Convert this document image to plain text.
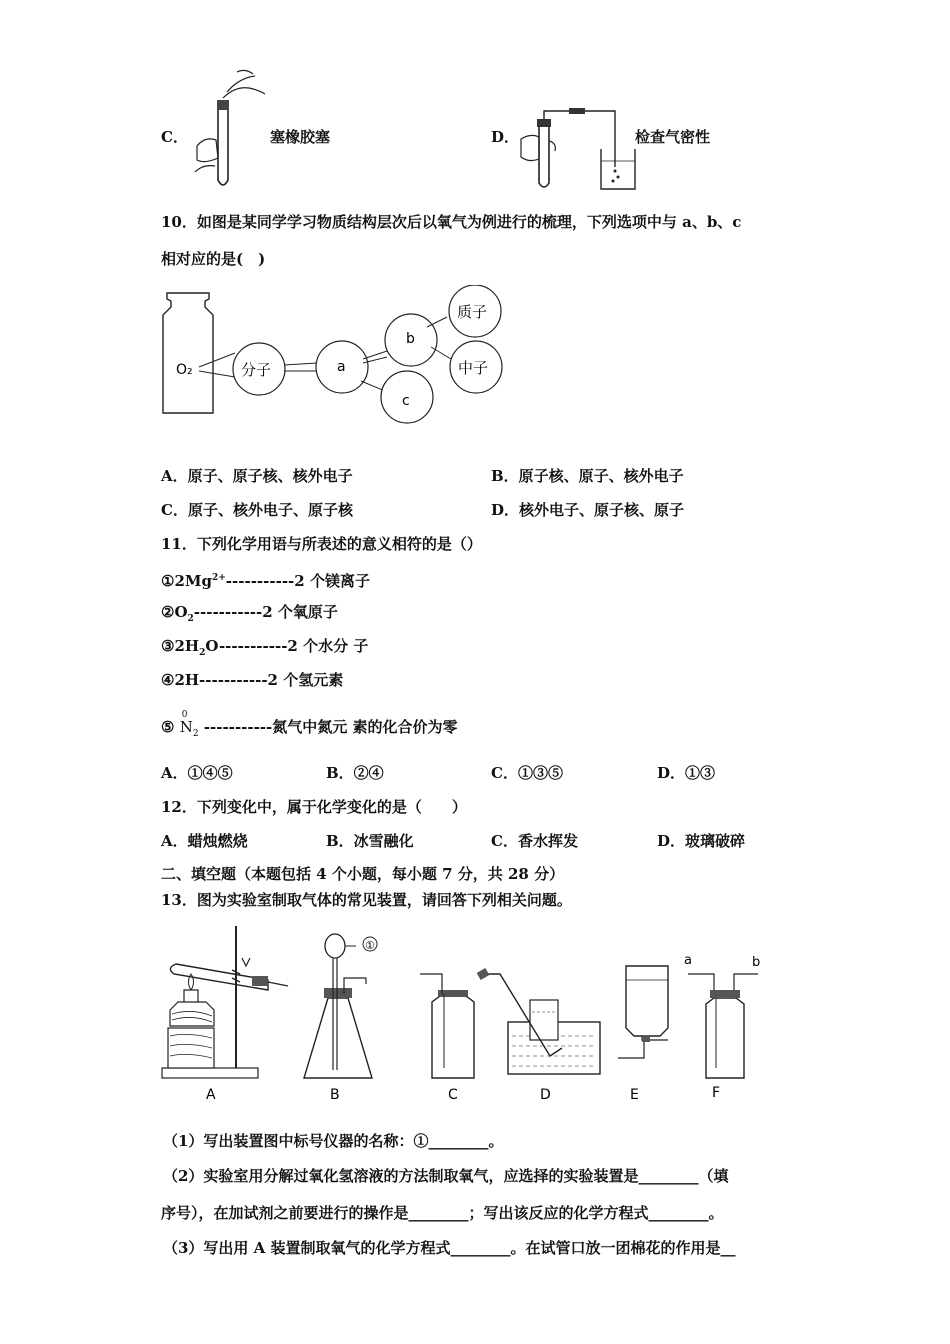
C．	塞橡胶塞	D．	检查气密性
10．如图是某同学学习物质结构层次后以氧气为例进行的梳理，下列选项中与 a、b、c
相对应的是(　)
O₂	分子	a
b
c
质子
中子
A．原子、原子核、核外电子	B．原子核、原子、核外电子
C．原子、核外电子、原子核	D．核外电子、原子核、原子
11．下列化学用语与所表述的意义相符的是（）
$①2Mg^{2+}-----------2$ 个镁离子
$②O_2-----------2$ 个氧原子
$③2H_2O-----------2$ 个水分 子
④2H-----------2 个氢元素
⑤
0
$N_2$ -----------氮气中氮元 素的化合价为零
A．①④⑤	B．②④	C．①③⑤	D．①③
12．下列变化中，属于化学变化的是（　　）
A．蜡烛燃烧	B．冰雪融化	C．香水挥发	D．玻璃破碎
二、填空题（本题包括 4 个小题，每小题 7 分，共 28 分）
13．图为实验室制取气体的常见装置，请回答下列相关问题。
①
a	b
A	B	C	D	E	F
（1）写出装置图中标号仪器的名称：①________。
（2）实验室用分解过氧化氢溶液的方法制取氧气，应选择的实验装置是________（填
序号），在加试剂之前要进行的操作是________；写出该反应的化学方程式________。
（3）写出用 A 装置制取氧气的化学方程式________。在试管口放一团棉花的作用是__
